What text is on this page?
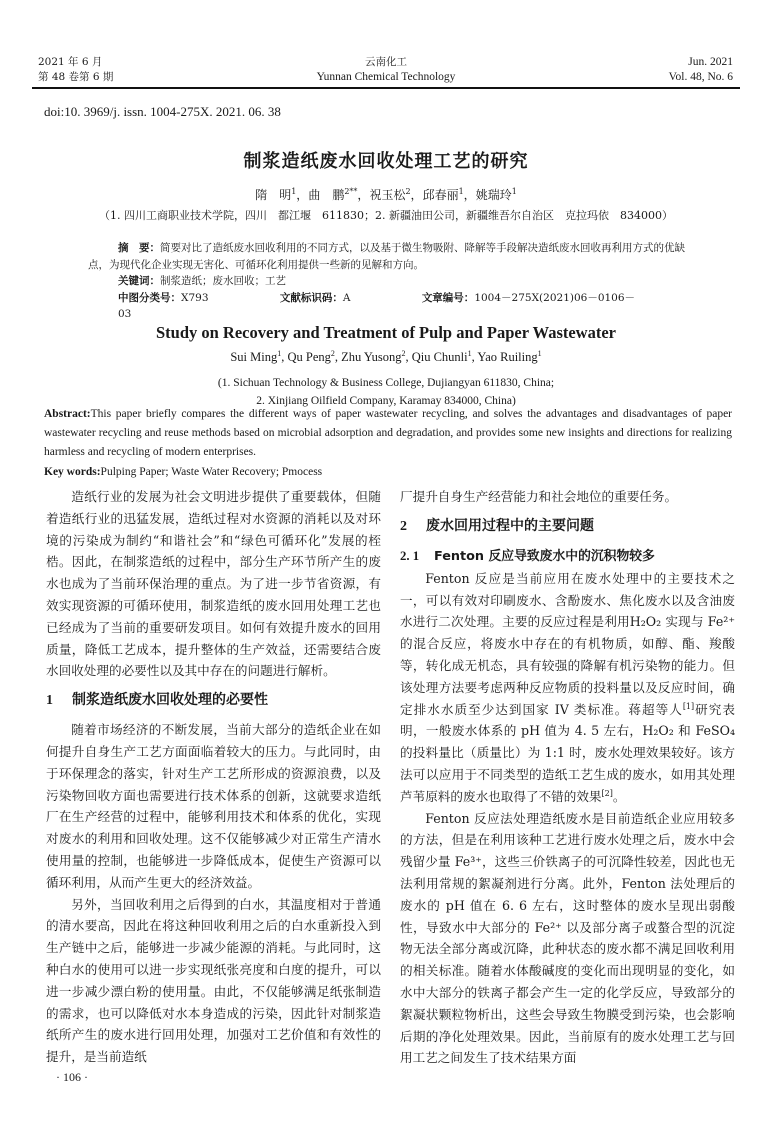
2021 年 6 月
第 48 卷第 6 期
云南化工
Yunnan Chemical Technology
Jun. 2021
Vol. 48, No. 6
doi:10. 3969/j. issn. 1004-275X. 2021. 06. 38
制浆造纸废水回收处理工艺的研究
隋　明$^1$，曲　鹏$^{2**}$，祝玉松$^2$，邱春丽$^1$，姚瑞玲$^1$
（1. 四川工商职业技术学院，四川　都江堰　611830；2. 新疆油田公司，新疆维吾尔自治区　克拉玛依　834000）
摘　要：简要对比了造纸废水回收利用的不同方式，以及基于微生物吸附、降解等手段解决造纸废水回收再利用方式的优缺点，为现代化企业实现无害化、可循环化利用提供一些新的见解和方向。
关键词：制浆造纸；废水回收；工艺
中图分类号：X793	文献标识码：A	文章编号：1004－275X(2021)06－0106－03
Study on Recovery and Treatment of Pulp and Paper Wastewater
Sui Ming$^1$, Qu Peng$^2$, Zhu Yusong$^2$, Qiu Chunli$^1$, Yao Ruiling$^1$
(1. Sichuan Technology & Business College, Dujiangyan 611830, China;
2. Xinjiang Oilfield Company, Karamay 834000, China)
Abstract:This paper briefly compares the different ways of paper wastewater recycling, and solves the advantages and disadvantages of paper wastewater recycling and reuse methods based on microbial adsorption and degradation, and provides some new insights and directions for realizing harmless and recycling of modern enterprises.
Key words:Pulping Paper; Waste Water Recovery; Pmocess

造纸行业的发展为社会文明进步提供了重要载体，但随着造纸行业的迅猛发展，造纸过程对水资源的消耗以及对环境的污染成为制约“和谐社会”和“绿色可循环化”发展的桎梏。因此，在制浆造纸的过程中，部分生产环节所产生的废水也成为了当前环保治理的重点。为了进一步节省资源，有效实现资源的可循环使用，制浆造纸的废水回用处理工艺也已经成为了当前的重要研发项目。如何有效提升废水的回用质量，降低工艺成本，提升整体的生产效益，还需要结合废水回收处理的必要性以及其中存在的问题进行解析。

1 制浆造纸废水回收处理的必要性

随着市场经济的不断发展，当前大部分的造纸企业在如何提升自身生产工艺方面面临着较大的压力。与此同时，由于环保理念的落实，针对生产工艺所形成的资源浪费，以及污染物回收方面也需要进行技术体系的创新，这就要求造纸厂在生产经营的过程中，能够利用技术和体系的优化，实现对废水的利用和回收处理。这不仅能够减少对正常生产清水使用量的控制，也能够进一步降低成本，促使生产资源可以循环利用，从而产生更大的经济效益。

另外，当回收利用之后得到的白水，其温度相对于普通的清水要高，因此在将这种回收利用之后的白水重新投入到生产链中之后，能够进一步减少能源的消耗。与此同时，这种白水的使用可以进一步实现纸张亮度和白度的提升，可以进一步减少漂白粉的使用量。由此，不仅能够满足纸张制造的需求，也可以降低对水本身造成的污染，因此针对制浆造纸所产生的废水进行回用处理，加强对工艺价值和有效性的提升，是当前造纸

· 106 ·

厂提升自身生产经营能力和社会地位的重要任务。

2 废水回用过程中的主要问题

2. 1 Fenton 反应导致废水中的沉积物较多

Fenton 反应是当前应用在废水处理中的主要技术之一，可以有效对印刷废水、含酚废水、焦化废水以及含油废水进行二次处理。主要的反应过程是利用H₂O₂ 实现与 Fe²⁺ 的混合反应，将废水中存在的有机物质，如醇、酯、羧酸等，转化成无机态，具有较强的降解有机污染物的能力。但该处理方法要考虑两种反应物质的投料量以及反应时间，确定排水水质至少达到国家 IV 类标准。蒋超等人[1]研究表明，一般废水体系的 pH 值为 4. 5 左右，H₂O₂ 和 FeSO₄ 的投料量比（质量比）为 1:1 时，废水处理效果较好。该方法可以应用于不同类型的造纸工艺生成的废水，如用其处理芦苇原料的废水也取得了不错的效果[2]。

Fenton 反应法处理造纸废水是目前造纸企业应用较多的方法，但是在利用该种工艺进行废水处理之后，废水中会残留少量 Fe³⁺，这些三价铁离子的可沉降性较差，因此也无法利用常规的絮凝剂进行分离。此外，Fenton 法处理后的废水的 pH 值在 6. 6 左右，这时整体的废水呈现出弱酸性，导致水中大部分的 Fe²⁺ 以及部分离子或螯合型的沉淀物无法全部分离或沉降，此种状态的废水都不满足回收利用的相关标准。随着水体酸碱度的变化而出现明显的变化，如水中大部分的铁离子都会产生一定的化学反应，导致部分的絮凝状颗粒物析出，这些会导致生物膜受到污染，也会影响后期的净化处理效果。因此，当前原有的废水处理工艺与回用工艺之间发生了技术结果方面
